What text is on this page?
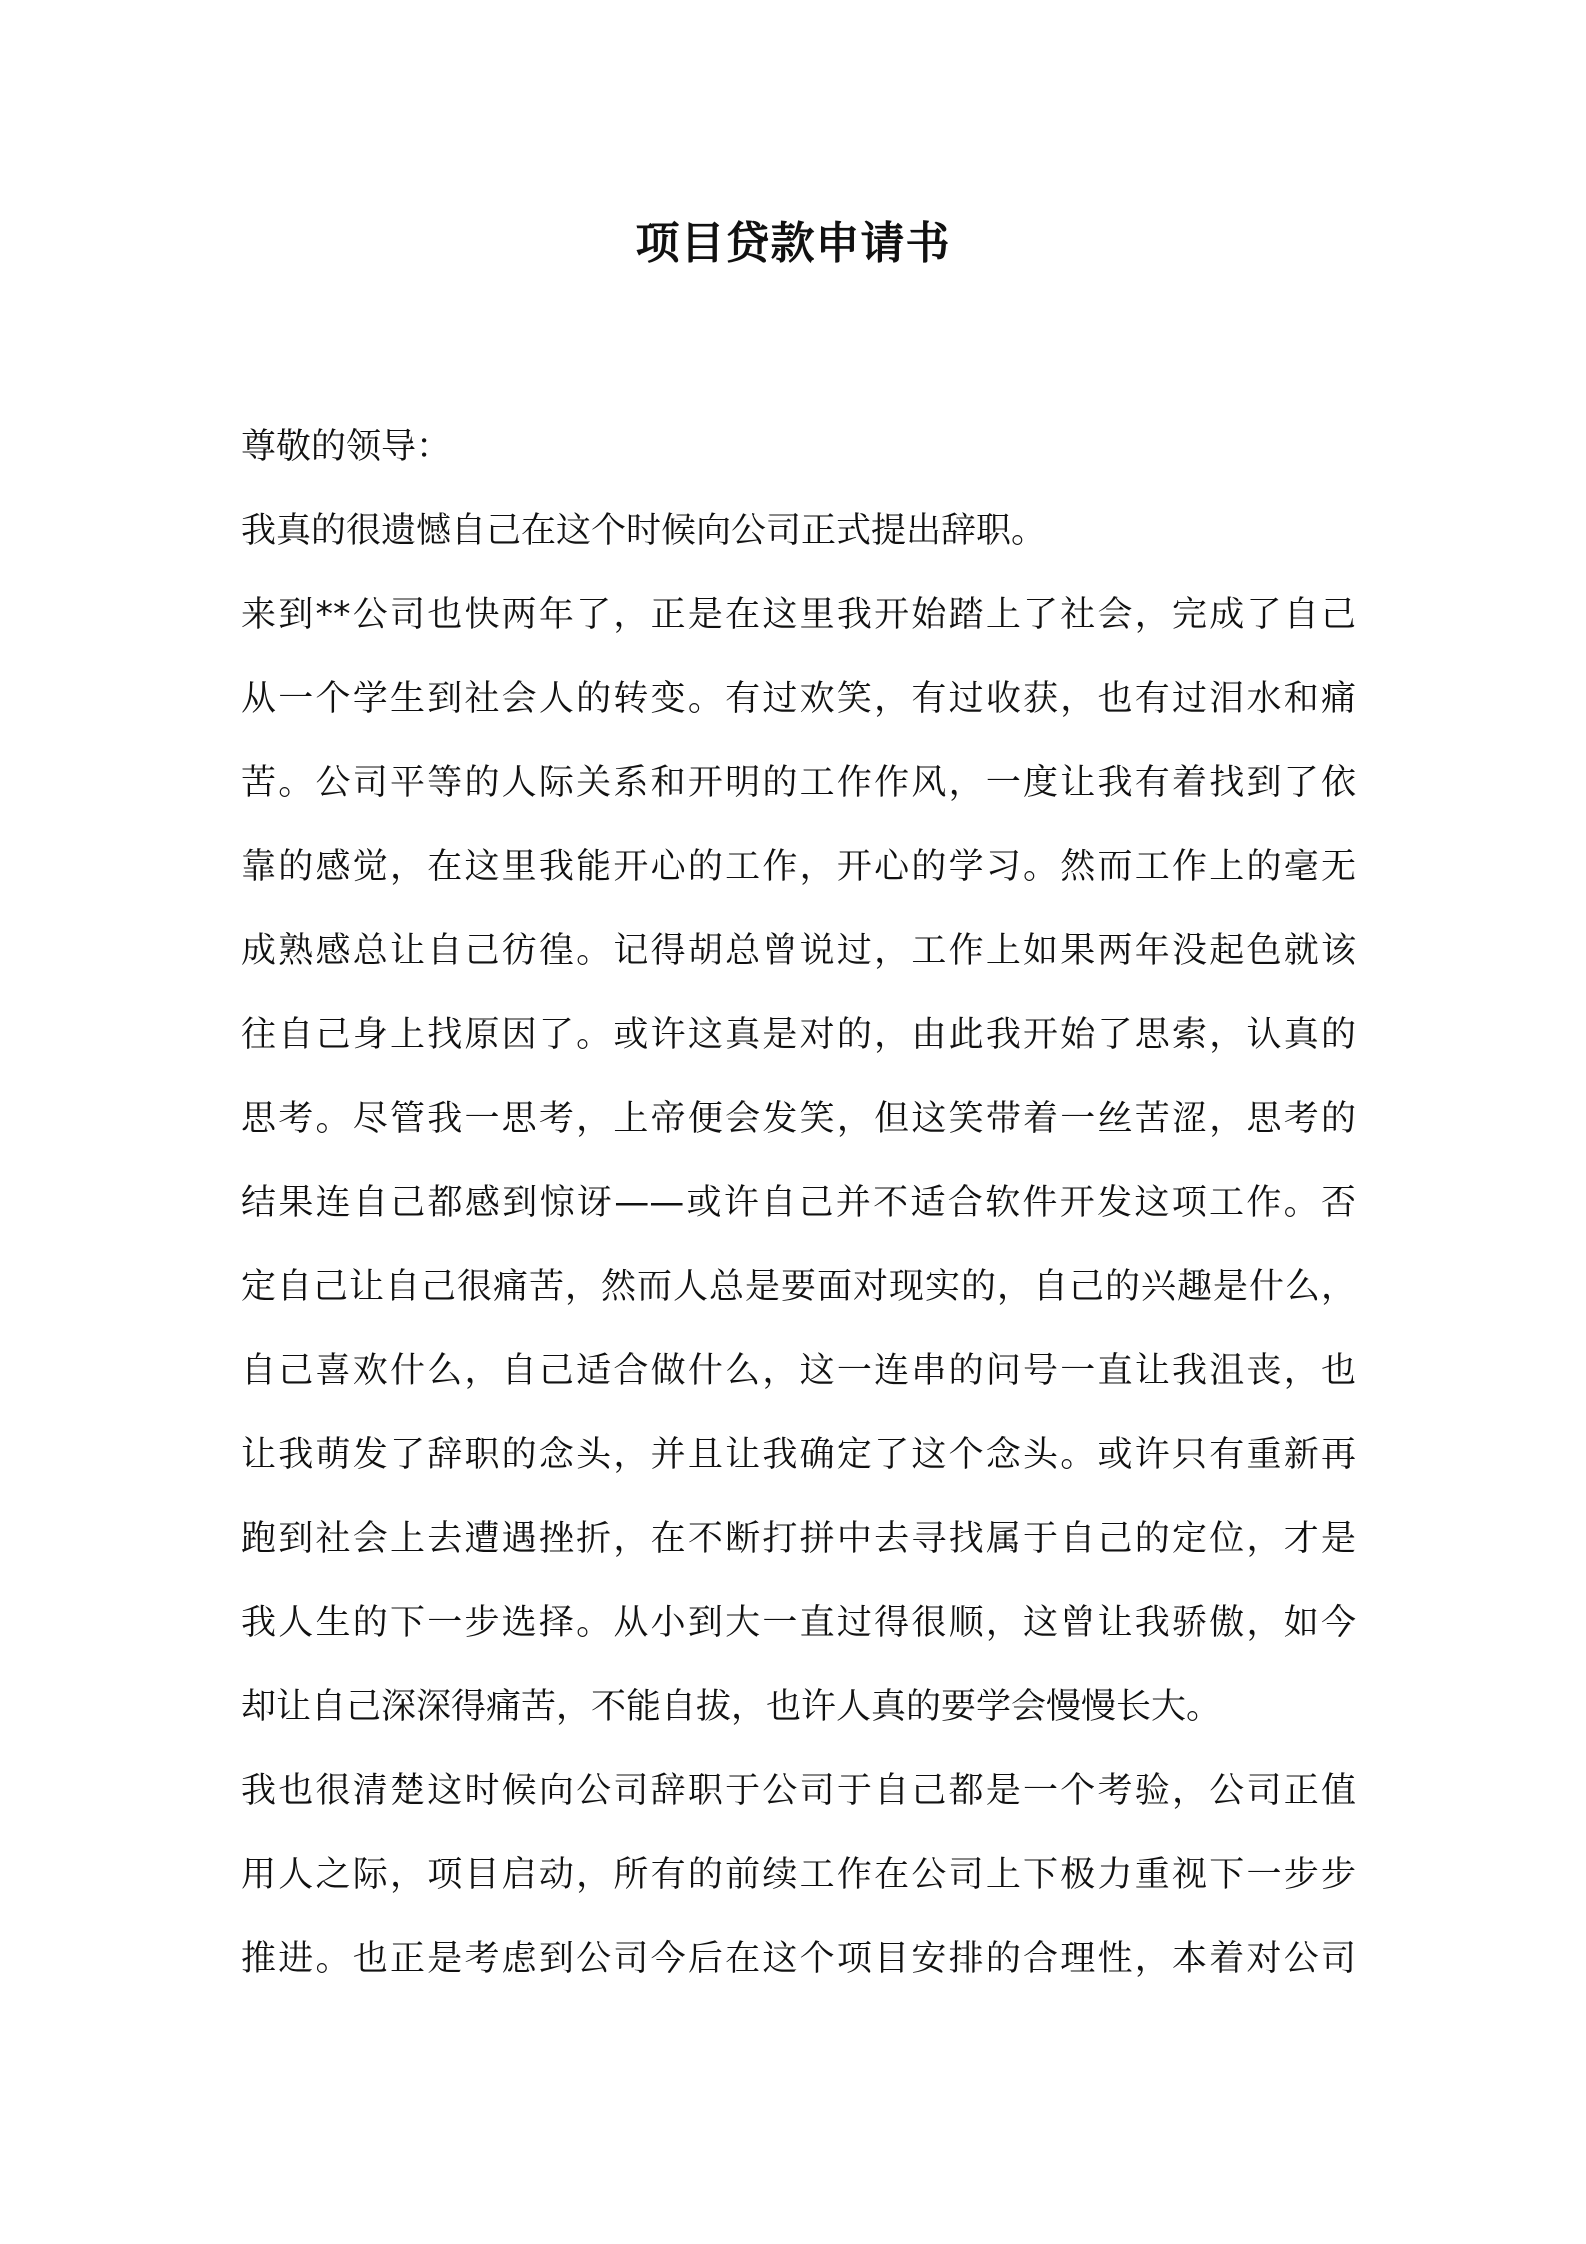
项目贷款申请书
尊敬的领导：
我真的很遗憾自己在这个时候向公司正式提出辞职。
来到**公司也快两年了，正是在这里我开始踏上了社会，完成了自己
从一个学生到社会人的转变。有过欢笑，有过收获，也有过泪水和痛
苦。公司平等的人际关系和开明的工作作风，一度让我有着找到了依
靠的感觉，在这里我能开心的工作，开心的学习。然而工作上的毫无
成熟感总让自己彷徨。记得胡总曾说过，工作上如果两年没起色就该
往自己身上找原因了。或许这真是对的，由此我开始了思索，认真的
思考。尽管我一思考，上帝便会发笑，但这笑带着一丝苦涩，思考的
结果连自己都感到惊讶——或许自己并不适合软件开发这项工作。否
定自己让自己很痛苦，然而人总是要面对现实的，自己的兴趣是什么，
自己喜欢什么，自己适合做什么，这一连串的问号一直让我沮丧，也
让我萌发了辞职的念头，并且让我确定了这个念头。或许只有重新再
跑到社会上去遭遇挫折，在不断打拼中去寻找属于自己的定位，才是
我人生的下一步选择。从小到大一直过得很顺，这曾让我骄傲，如今
却让自己深深得痛苦，不能自拔，也许人真的要学会慢慢长大。
我也很清楚这时候向公司辞职于公司于自己都是一个考验，公司正值
用人之际，项目启动，所有的前续工作在公司上下极力重视下一步步
推进。也正是考虑到公司今后在这个项目安排的合理性，本着对公司
